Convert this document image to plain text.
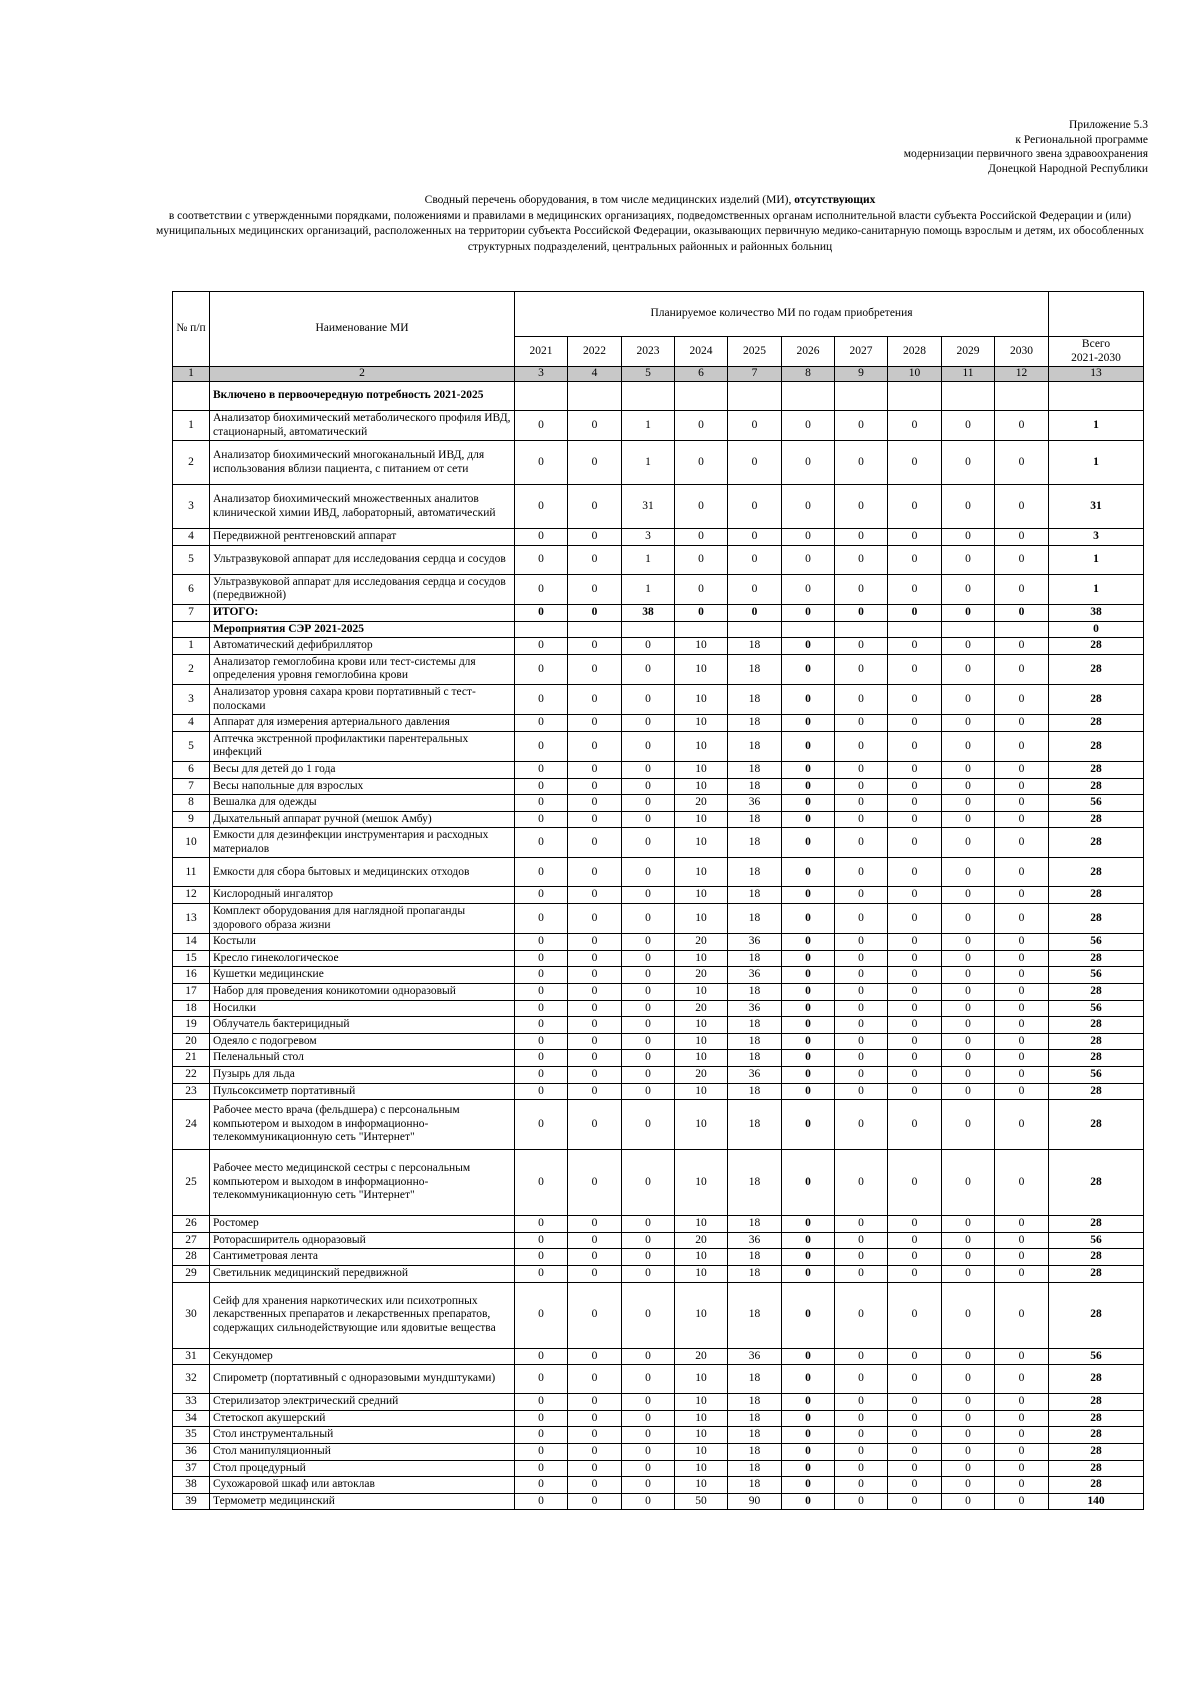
Приложение 5.3
к Региональной программе
модернизации первичного звена здравоохранения
Донецкой Народной Республики
Сводный перечень оборудования, в том числе медицинских изделий (МИ), отсутствующих
в соответствии с утвержденными порядками, положениями и правилами в медицинских организациях, подведомственных органам исполнительной власти субъекта Российской Федерации и (или) муниципальных медицинских организаций, расположенных на территории субъекта Российской Федерации, оказывающих первичную медико-санитарную помощь взрослым и детям, их обособленных структурных подразделений, центральных районных и районных больниц
№ п/п	Наименование МИ	Планируемое количество МИ по годам приобретения										
		2021	2022	2023	2024	2025	2026	2027	2028	2029	2030	Всего
2021-2030

1	2	3	4	5	6	7	8	9	10	11	12	13
	Включено в первоочередную потребность 2021-2025											
1	Анализатор биохимический метаболического профиля ИВД, стационарный, автоматический	0	0	1	0	0	0	0	0	0	0	1
2	Анализатор биохимический многоканальный ИВД, для использования вблизи пациента, с питанием от сети	0	0	1	0	0	0	0	0	0	0	1
3	Анализатор биохимический множественных аналитов клинической химии ИВД, лабораторный, автоматический	0	0	31	0	0	0	0	0	0	0	31
4	Передвижной рентгеновский аппарат	0	0	3	0	0	0	0	0	0	0	3
5	Ультразвуковой аппарат для исследования сердца и сосудов	0	0	1	0	0	0	0	0	0	0	1
6	Ультразвуковой аппарат для исследования сердца и сосудов (передвижной)	0	0	1	0	0	0	0	0	0	0	1
7	ИТОГО:	0	0	38	0	0	0	0	0	0	0	38
	Мероприятия СЭР 2021-2025											0
1	Автоматический дефибриллятор	0	0	0	10	18	0	0	0	0	0	28
2	Анализатор гемоглобина крови или тест-системы для определения уровня гемоглобина крови	0	0	0	10	18	0	0	0	0	0	28
3	Анализатор уровня сахара крови портативный с тест-полосками	0	0	0	10	18	0	0	0	0	0	28
4	Аппарат для измерения артериального давления	0	0	0	10	18	0	0	0	0	0	28
5	Аптечка экстренной профилактики парентеральных инфекций	0	0	0	10	18	0	0	0	0	0	28
6	Весы для детей до 1 года	0	0	0	10	18	0	0	0	0	0	28
7	Весы напольные для взрослых	0	0	0	10	18	0	0	0	0	0	28
8	Вешалка для одежды	0	0	0	20	36	0	0	0	0	0	56
9	Дыхательный аппарат ручной (мешок Амбу)	0	0	0	10	18	0	0	0	0	0	28
10	Емкости для дезинфекции инструментария и расходных материалов	0	0	0	10	18	0	0	0	0	0	28
11	Емкости для сбора бытовых и медицинских отходов	0	0	0	10	18	0	0	0	0	0	28
12	Кислородный ингалятор	0	0	0	10	18	0	0	0	0	0	28
13	Комплект оборудования для наглядной пропаганды здорового образа жизни	0	0	0	10	18	0	0	0	0	0	28
14	Костыли	0	0	0	20	36	0	0	0	0	0	56
15	Кресло гинекологическое	0	0	0	10	18	0	0	0	0	0	28
16	Кушетки медицинские	0	0	0	20	36	0	0	0	0	0	56
17	Набор для проведения коникотомии одноразовый	0	0	0	10	18	0	0	0	0	0	28
18	Носилки	0	0	0	20	36	0	0	0	0	0	56
19	Облучатель бактерицидный	0	0	0	10	18	0	0	0	0	0	28
20	Одеяло с подогревом	0	0	0	10	18	0	0	0	0	0	28
21	Пеленальный стол	0	0	0	10	18	0	0	0	0	0	28
22	Пузырь для льда	0	0	0	20	36	0	0	0	0	0	56
23	Пульсоксиметр портативный	0	0	0	10	18	0	0	0	0	0	28
24	Рабочее место врача (фельдшера) с персональным компьютером и выходом в информационно-телекоммуникационную сеть "Интернет"	0	0	0	10	18	0	0	0	0	0	28
25	Рабочее место медицинской сестры с персональным компьютером и выходом в информационно-телекоммуникационную сеть "Интернет"	0	0	0	10	18	0	0	0	0	0	28
26	Ростомер	0	0	0	10	18	0	0	0	0	0	28
27	Роторасширитель одноразовый	0	0	0	20	36	0	0	0	0	0	56
28	Сантиметровая лента	0	0	0	10	18	0	0	0	0	0	28
29	Светильник медицинский передвижной	0	0	0	10	18	0	0	0	0	0	28
30	Сейф для хранения наркотических или психотропных лекарственных препаратов и лекарственных препаратов, содержащих сильнодействующие или ядовитые вещества	0	0	0	10	18	0	0	0	0	0	28
31	Секундомер	0	0	0	20	36	0	0	0	0	0	56
32	Спирометр (портативный с одноразовыми мундштуками)	0	0	0	10	18	0	0	0	0	0	28
33	Стерилизатор электрический средний	0	0	0	10	18	0	0	0	0	0	28
34	Стетоскоп акушерский	0	0	0	10	18	0	0	0	0	0	28
35	Стол инструментальный	0	0	0	10	18	0	0	0	0	0	28
36	Стол манипуляционный	0	0	0	10	18	0	0	0	0	0	28
37	Стол процедурный	0	0	0	10	18	0	0	0	0	0	28
38	Сухожаровой шкаф или автоклав	0	0	0	10	18	0	0	0	0	0	28
39	Термометр медицинский	0	0	0	50	90	0	0	0	0	0	140
